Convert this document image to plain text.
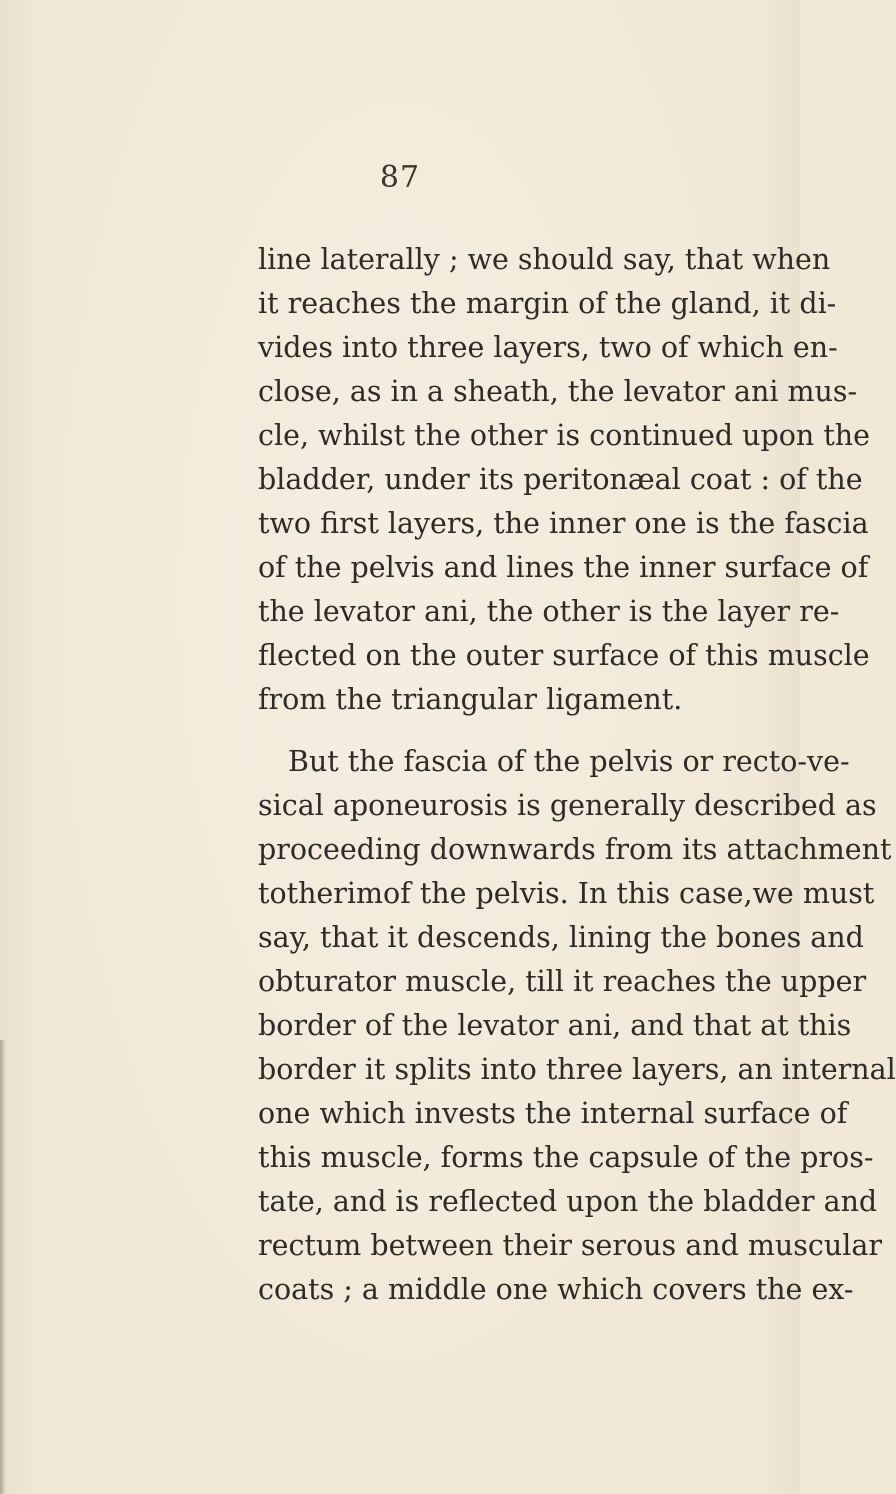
87
line laterally ; we should say, that when
it reaches the margin of the gland, it di-
vides into three layers, two of which en-
close, as in a sheath, the levator ani mus-
cle, whilst the other is continued upon the
bladder, under its peritonæal coat : of the
two first layers, the inner one is the fascia
of the pelvis and lines the inner surface of
the levator ani, the other is the layer re-
flected on the outer surface of this muscle
from the triangular ligament.
But the fascia of the pelvis or recto-ve-
sical aponeurosis is generally described as
proceeding downwards from its attachment
totherimof the pelvis. In this case,we must
say, that it descends, lining the bones and
obturator muscle, till it reaches the upper
border of the levator ani, and that at this
border it splits into three layers, an internal
one which invests the internal surface of
this muscle, forms the capsule of the pros-
tate, and is reflected upon the bladder and
rectum between their serous and muscular
coats ; a middle one which covers the ex-
